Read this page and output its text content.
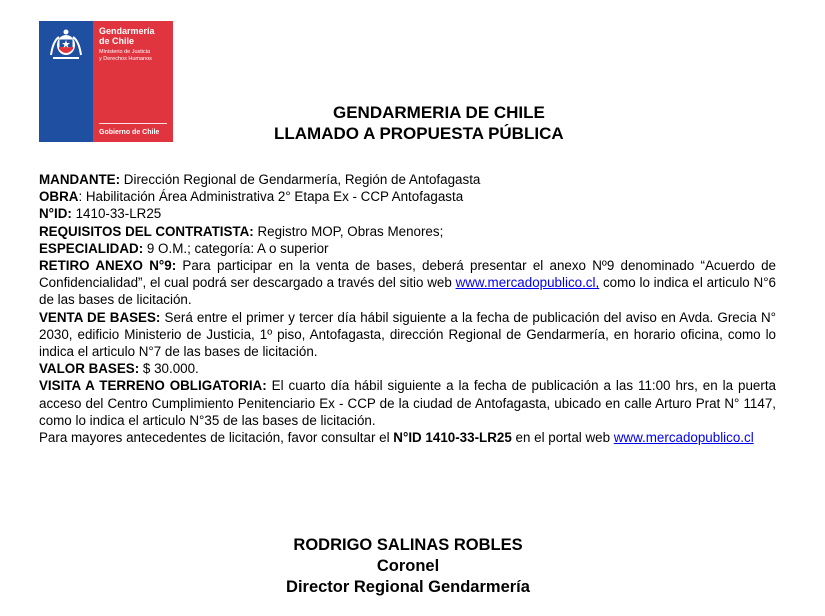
Gendarmería
de Chile
Ministerio de Justicia
y Derechos Humanos
Gobierno de Chile
GENDARMERIA DE CHILE
LLAMADO A PROPUESTA PÚBLICA

MANDANTE: Dirección Regional de Gendarmería, Región de Antofagasta

OBRA: Habilitación Área Administrativa 2° Etapa Ex - CCP Antofagasta

N°ID: 1410-33-LR25

REQUISITOS DEL CONTRATISTA: Registro MOP, Obras Menores;

ESPECIALIDAD: 9 O.M.; categoría: A o superior

RETIRO ANEXO N°9: Para participar en la venta de bases, deberá presentar el anexo Nº9 denominado “Acuerdo de Confidencialidad”, el cual podrá ser descargado a través del sitio web www.mercadopublico.cl, como lo indica el articulo N°6 de las bases de licitación.

VENTA DE BASES: Será entre el primer y tercer día hábil siguiente a la fecha de publicación del aviso en Avda. Grecia N° 2030, edificio Ministerio de Justicia, 1º piso, Antofagasta, dirección Regional de Gendarmería, en horario oficina, como lo indica el articulo N°7 de las bases de licitación.

VALOR BASES: $ 30.000.

VISITA A TERRENO OBLIGATORIA: El cuarto día hábil siguiente a la fecha de publicación a las 11:00 hrs, en la puerta acceso del Centro Cumplimiento Penitenciario Ex - CCP de la ciudad de Antofagasta, ubicado en calle Arturo Prat N° 1147, como lo indica el articulo N°35 de las bases de licitación.

Para mayores antecedentes de licitación, favor consultar el N°ID 1410-33-LR25 en el portal web www.mercadopublico.cl

RODRIGO SALINAS ROBLES
Coronel
Director Regional Gendarmería
